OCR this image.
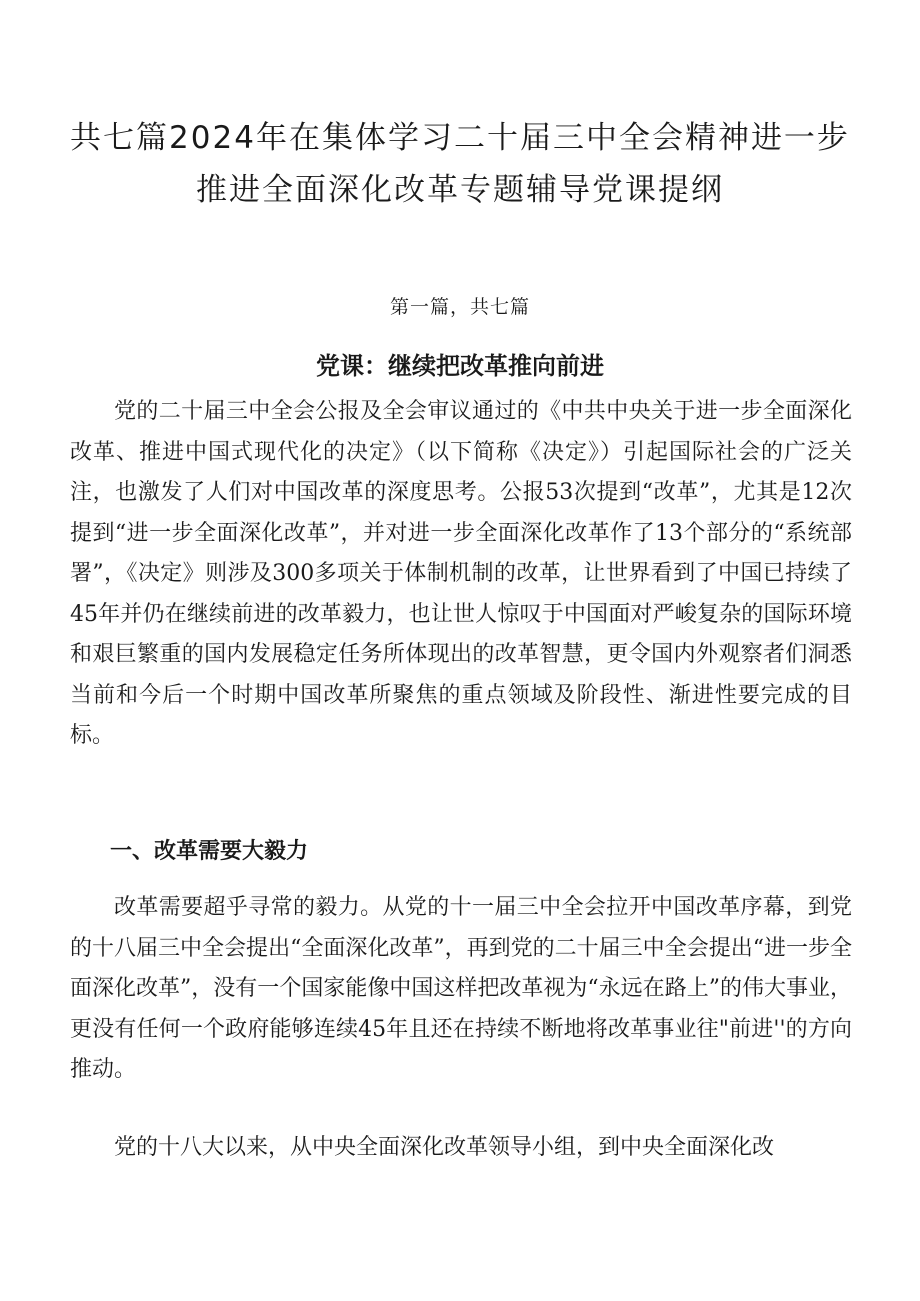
共七篇2024年在集体学习二十届三中全会精神进一步推进全面深化改革专题辅导党课提纲
第一篇，共七篇
党课：继续把改革推向前进

党的二十届三中全会公报及全会审议通过的《中共中央关于进一步全面深化改革、推进中国式现代化的决定》（以下简称《决定》）引起国际社会的广泛关注，也激发了人们对中国改革的深度思考。公报53次提到“改革”，尤其是12次提到“进一步全面深化改革”，并对进一步全面深化改革作了13个部分的“系统部署”，《决定》则涉及300多项关于体制机制的改革，让世界看到了中国已持续了45年并仍在继续前进的改革毅力，也让世人惊叹于中国面对严峻复杂的国际环境和艰巨繁重的国内发展稳定任务所体现出的改革智慧，更令国内外观察者们洞悉当前和今后一个时期中国改革所聚焦的重点领域及阶段性、渐进性要完成的目标。

一、改革需要大毅力

改革需要超乎寻常的毅力。从党的十一届三中全会拉开中国改革序幕，到党的十八届三中全会提出“全面深化改革”，再到党的二十届三中全会提出“进一步全面深化改革”，没有一个国家能像中国这样把改革视为“永远在路上”的伟大事业，更没有任何一个政府能够连续45年且还在持续不断地将改革事业往"前进''的方向推动。

党的十八大以来，从中央全面深化改革领导小组，到中央全面深化改
